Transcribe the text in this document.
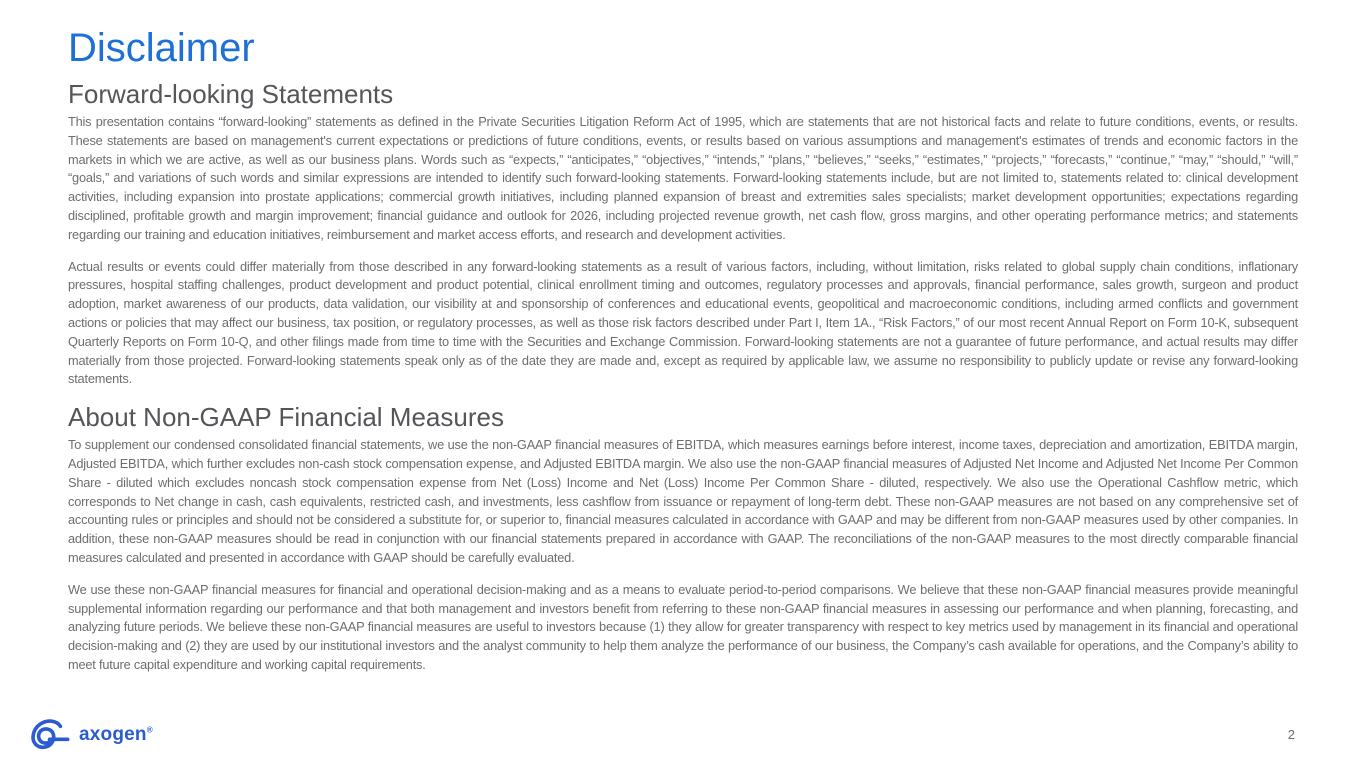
Disclaimer
Forward-looking Statements

This presentation contains “forward-looking” statements as defined in the Private Securities Litigation Reform Act of 1995, which are statements that are not historical facts and relate to future conditions, events, or results. These statements are based on management's current expectations or predictions of future conditions, events, or results based on various assumptions and management's estimates of trends and economic factors in the markets in which we are active, as well as our business plans. Words such as “expects,” “anticipates,” “objectives,” “intends,” “plans,” “believes,” “seeks,” “estimates,” “projects,” “forecasts,” “continue,” “may,” “should,” “will,” “goals,” and variations of such words and similar expressions are intended to identify such forward-looking statements. Forward-looking statements include, but are not limited to, statements related to: clinical development activities, including expansion into prostate applications; commercial growth initiatives, including planned expansion of breast and extremities sales specialists; market development opportunities; expectations regarding disciplined, profitable growth and margin improvement; financial guidance and outlook for 2026, including projected revenue growth, net cash flow, gross margins, and other operating performance metrics; and statements regarding our training and education initiatives, reimbursement and market access efforts, and research and development activities.

Actual results or events could differ materially from those described in any forward-looking statements as a result of various factors, including, without limitation, risks related to global supply chain conditions, inflationary pressures, hospital staffing challenges, product development and product potential, clinical enrollment timing and outcomes, regulatory processes and approvals, financial performance, sales growth, surgeon and product adoption, market awareness of our products, data validation, our visibility at and sponsorship of conferences and educational events, geopolitical and macroeconomic conditions, including armed conflicts and government actions or policies that may affect our business, tax position, or regulatory processes, as well as those risk factors described under Part I, Item 1A., “Risk Factors,” of our most recent Annual Report on Form 10-K, subsequent Quarterly Reports on Form 10-Q, and other filings made from time to time with the Securities and Exchange Commission. Forward-looking statements are not a guarantee of future performance, and actual results may differ materially from those projected. Forward-looking statements speak only as of the date they are made and, except as required by applicable law, we assume no responsibility to publicly update or revise any forward-looking statements.

About Non-GAAP Financial Measures

To supplement our condensed consolidated financial statements, we use the non-GAAP financial measures of EBITDA, which measures earnings before interest, income taxes, depreciation and amortization, EBITDA margin, Adjusted EBITDA, which further excludes non-cash stock compensation expense, and Adjusted EBITDA margin. We also use the non-GAAP financial measures of Adjusted Net Income and Adjusted Net Income Per Common Share - diluted which excludes noncash stock compensation expense from Net (Loss) Income and Net (Loss) Income Per Common Share - diluted, respectively. We also use the Operational Cashflow metric, which corresponds to Net change in cash, cash equivalents, restricted cash, and investments, less cashflow from issuance or repayment of long-term debt. These non-GAAP measures are not based on any comprehensive set of accounting rules or principles and should not be considered a substitute for, or superior to, financial measures calculated in accordance with GAAP and may be different from non-GAAP measures used by other companies. In addition, these non-GAAP measures should be read in conjunction with our financial statements prepared in accordance with GAAP. The reconciliations of the non-GAAP measures to the most directly comparable financial measures calculated and presented in accordance with GAAP should be carefully evaluated.

We use these non-GAAP financial measures for financial and operational decision-making and as a means to evaluate period-to-period comparisons. We believe that these non-GAAP financial measures provide meaningful supplemental information regarding our performance and that both management and investors benefit from referring to these non-GAAP financial measures in assessing our performance and when planning, forecasting, and analyzing future periods. We believe these non-GAAP financial measures are useful to investors because (1) they allow for greater transparency with respect to key metrics used by management in its financial and operational decision-making and (2) they are used by our institutional investors and the analyst community to help them analyze the performance of our business, the Company’s cash available for operations, and the Company’s ability to meet future capital expenditure and working capital requirements.

axogen®	2
